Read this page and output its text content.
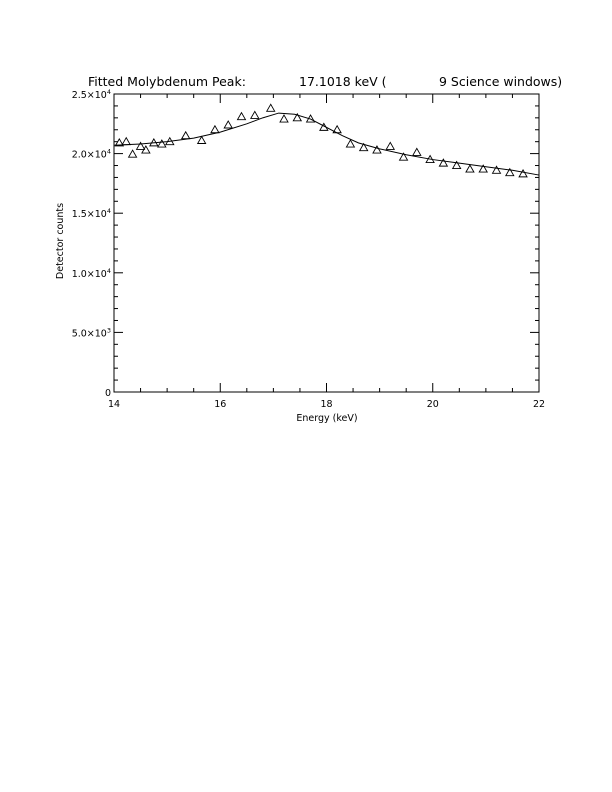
Fitted Molybdenum Peak:	17.1018 keV (	9 Science windows)
14	16	18	20	22
0
$5.0\times 10^3$
$1.0\times 10^4$
$1.5\times 10^4$
$2.0\times 10^4$
$2.5\times 10^4$
Energy (keV)
Detector counts
